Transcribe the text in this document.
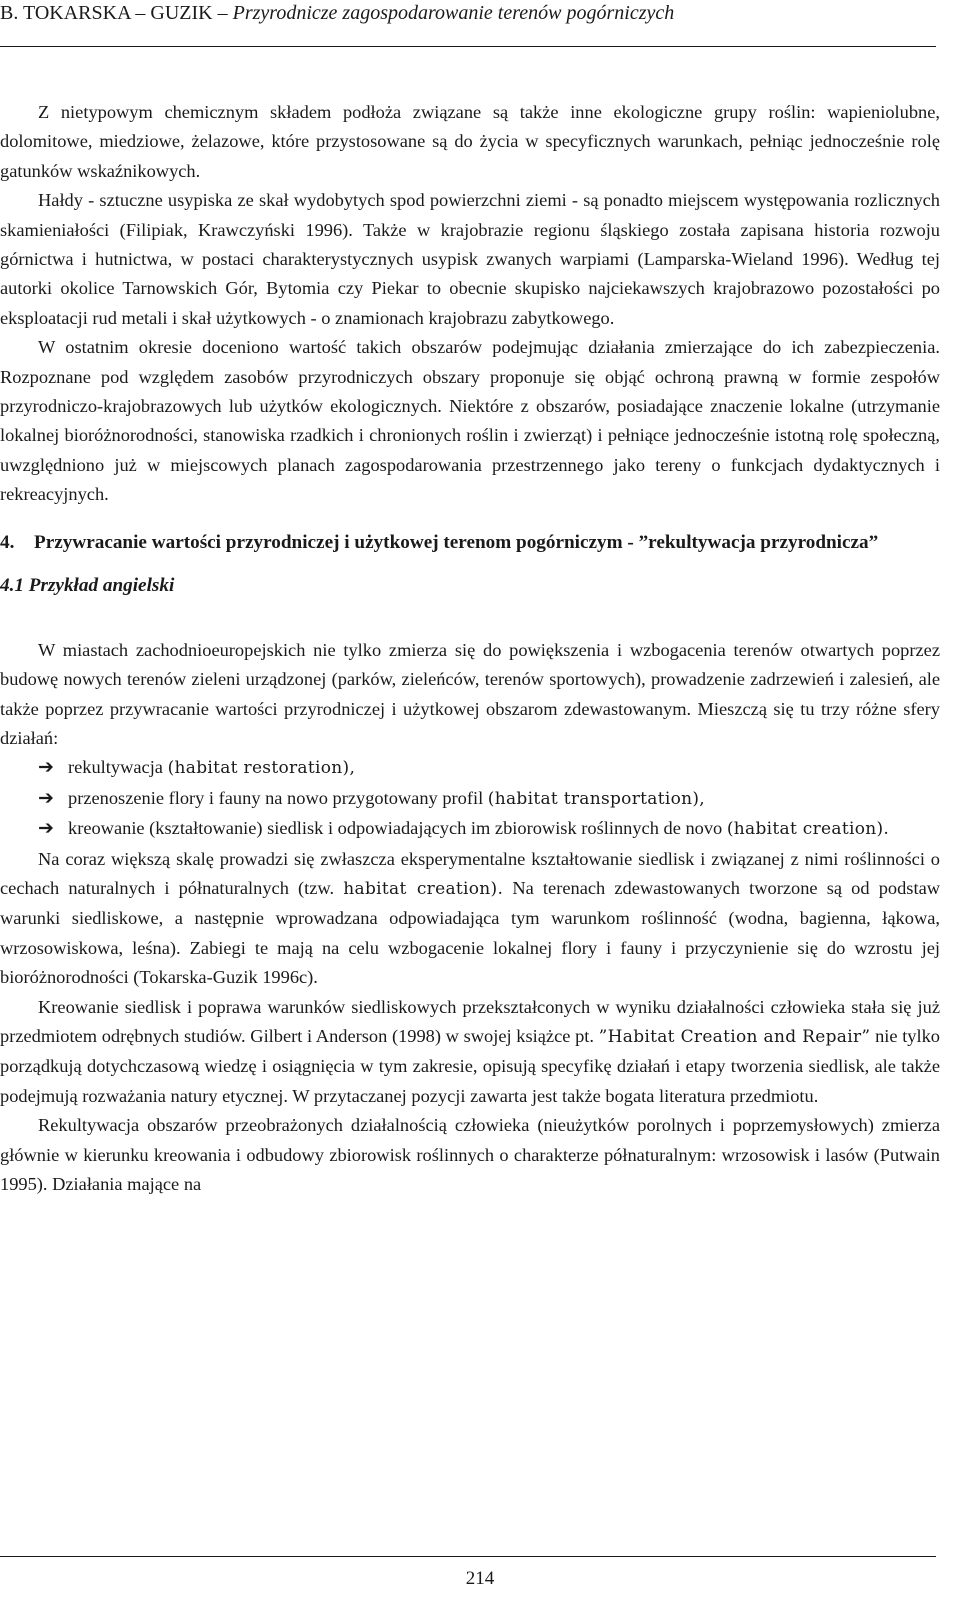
B. TOKARSKA – GUZIK – Przyrodnicze zagospodarowanie terenów pogórniczych

Z nietypowym chemicznym składem podłoża związane są także inne ekologiczne grupy roślin: wapieniolubne, dolomitowe, miedziowe, żelazowe, które przystosowane są do życia w specyficznych warunkach, pełniąc jednocześnie rolę gatunków wskaźnikowych.

Hałdy - sztuczne usypiska ze skał wydobytych spod powierzchni ziemi - są ponadto miejscem występowania rozlicznych skamieniałości (Filipiak, Krawczyński 1996). Także w krajobrazie regionu śląskiego została zapisana historia rozwoju górnictwa i hutnictwa, w postaci charakterystycznych usypisk zwanych warpiami (Lamparska-Wieland 1996). Według tej autorki okolice Tarnowskich Gór, Bytomia czy Piekar to obecnie skupisko najciekawszych krajobrazowo pozostałości po eksploatacji rud metali i skał użytkowych - o znamionach krajobrazu zabytkowego.

W ostatnim okresie doceniono wartość takich obszarów podejmując działania zmierzające do ich zabezpieczenia. Rozpoznane pod względem zasobów przyrodniczych obszary proponuje się objąć ochroną prawną w formie zespołów przyrodniczo-krajobrazowych lub użytków ekologicznych. Niektóre z obszarów, posiadające znaczenie lokalne (utrzymanie lokalnej bioróżnorodności, stanowiska rzadkich i chronionych roślin i zwierząt) i pełniące jednocześnie istotną rolę społeczną, uwzględniono już w miejscowych planach zagospodarowania przestrzennego jako tereny o funkcjach dydaktycznych i rekreacyjnych.

4.	Przywracanie wartości przyrodniczej i użytkowej terenom pogórniczym - ”rekultywacja przyrodnicza”
4.1 Przykład angielski

W miastach zachodnioeuropejskich nie tylko zmierza się do powiększenia i wzbogacenia terenów otwartych poprzez budowę nowych terenów zieleni urządzonej (parków, zieleńców, terenów sportowych), prowadzenie zadrzewień i zalesień, ale także poprzez przywracanie wartości przyrodniczej i użytkowej obszarom zdewastowanym. Mieszczą się tu trzy różne sfery działań:

➔ rekultywacja (habitat restoration),
➔ przenoszenie flory i fauny na nowo przygotowany profil (habitat transportation),
➔ kreowanie (kształtowanie) siedlisk i odpowiadających im zbiorowisk roślinnych de novo (habitat creation).

Na coraz większą skalę prowadzi się zwłaszcza eksperymentalne kształtowanie siedlisk i związanej z nimi roślinności o cechach naturalnych i półnaturalnych (tzw. habitat creation). Na terenach zdewastowanych tworzone są od podstaw warunki siedliskowe, a następnie wprowadzana odpowiadająca tym warunkom roślinność (wodna, bagienna, łąkowa, wrzosowiskowa, leśna). Zabiegi te mają na celu wzbogacenie lokalnej flory i fauny i przyczynienie się do wzrostu jej bioróżnorodności (Tokarska-Guzik 1996c).

Kreowanie siedlisk i poprawa warunków siedliskowych przekształconych w wyniku działalności człowieka stała się już przedmiotem odrębnych studiów. Gilbert i Anderson (1998) w swojej książce pt. ”Habitat Creation and Repair” nie tylko porządkują dotychczasową wiedzę i osiągnięcia w tym zakresie, opisują specyfikę działań i etapy tworzenia siedlisk, ale także podejmują rozważania natury etycznej. W przytaczanej pozycji zawarta jest także bogata literatura przedmiotu.

Rekultywacja obszarów przeobrażonych działalnością człowieka (nieużytków porolnych i poprzemysłowych) zmierza głównie w kierunku kreowania i odbudowy zbiorowisk roślinnych o charakterze półnaturalnym: wrzosowisk i lasów (Putwain 1995). Działania mające na

214
